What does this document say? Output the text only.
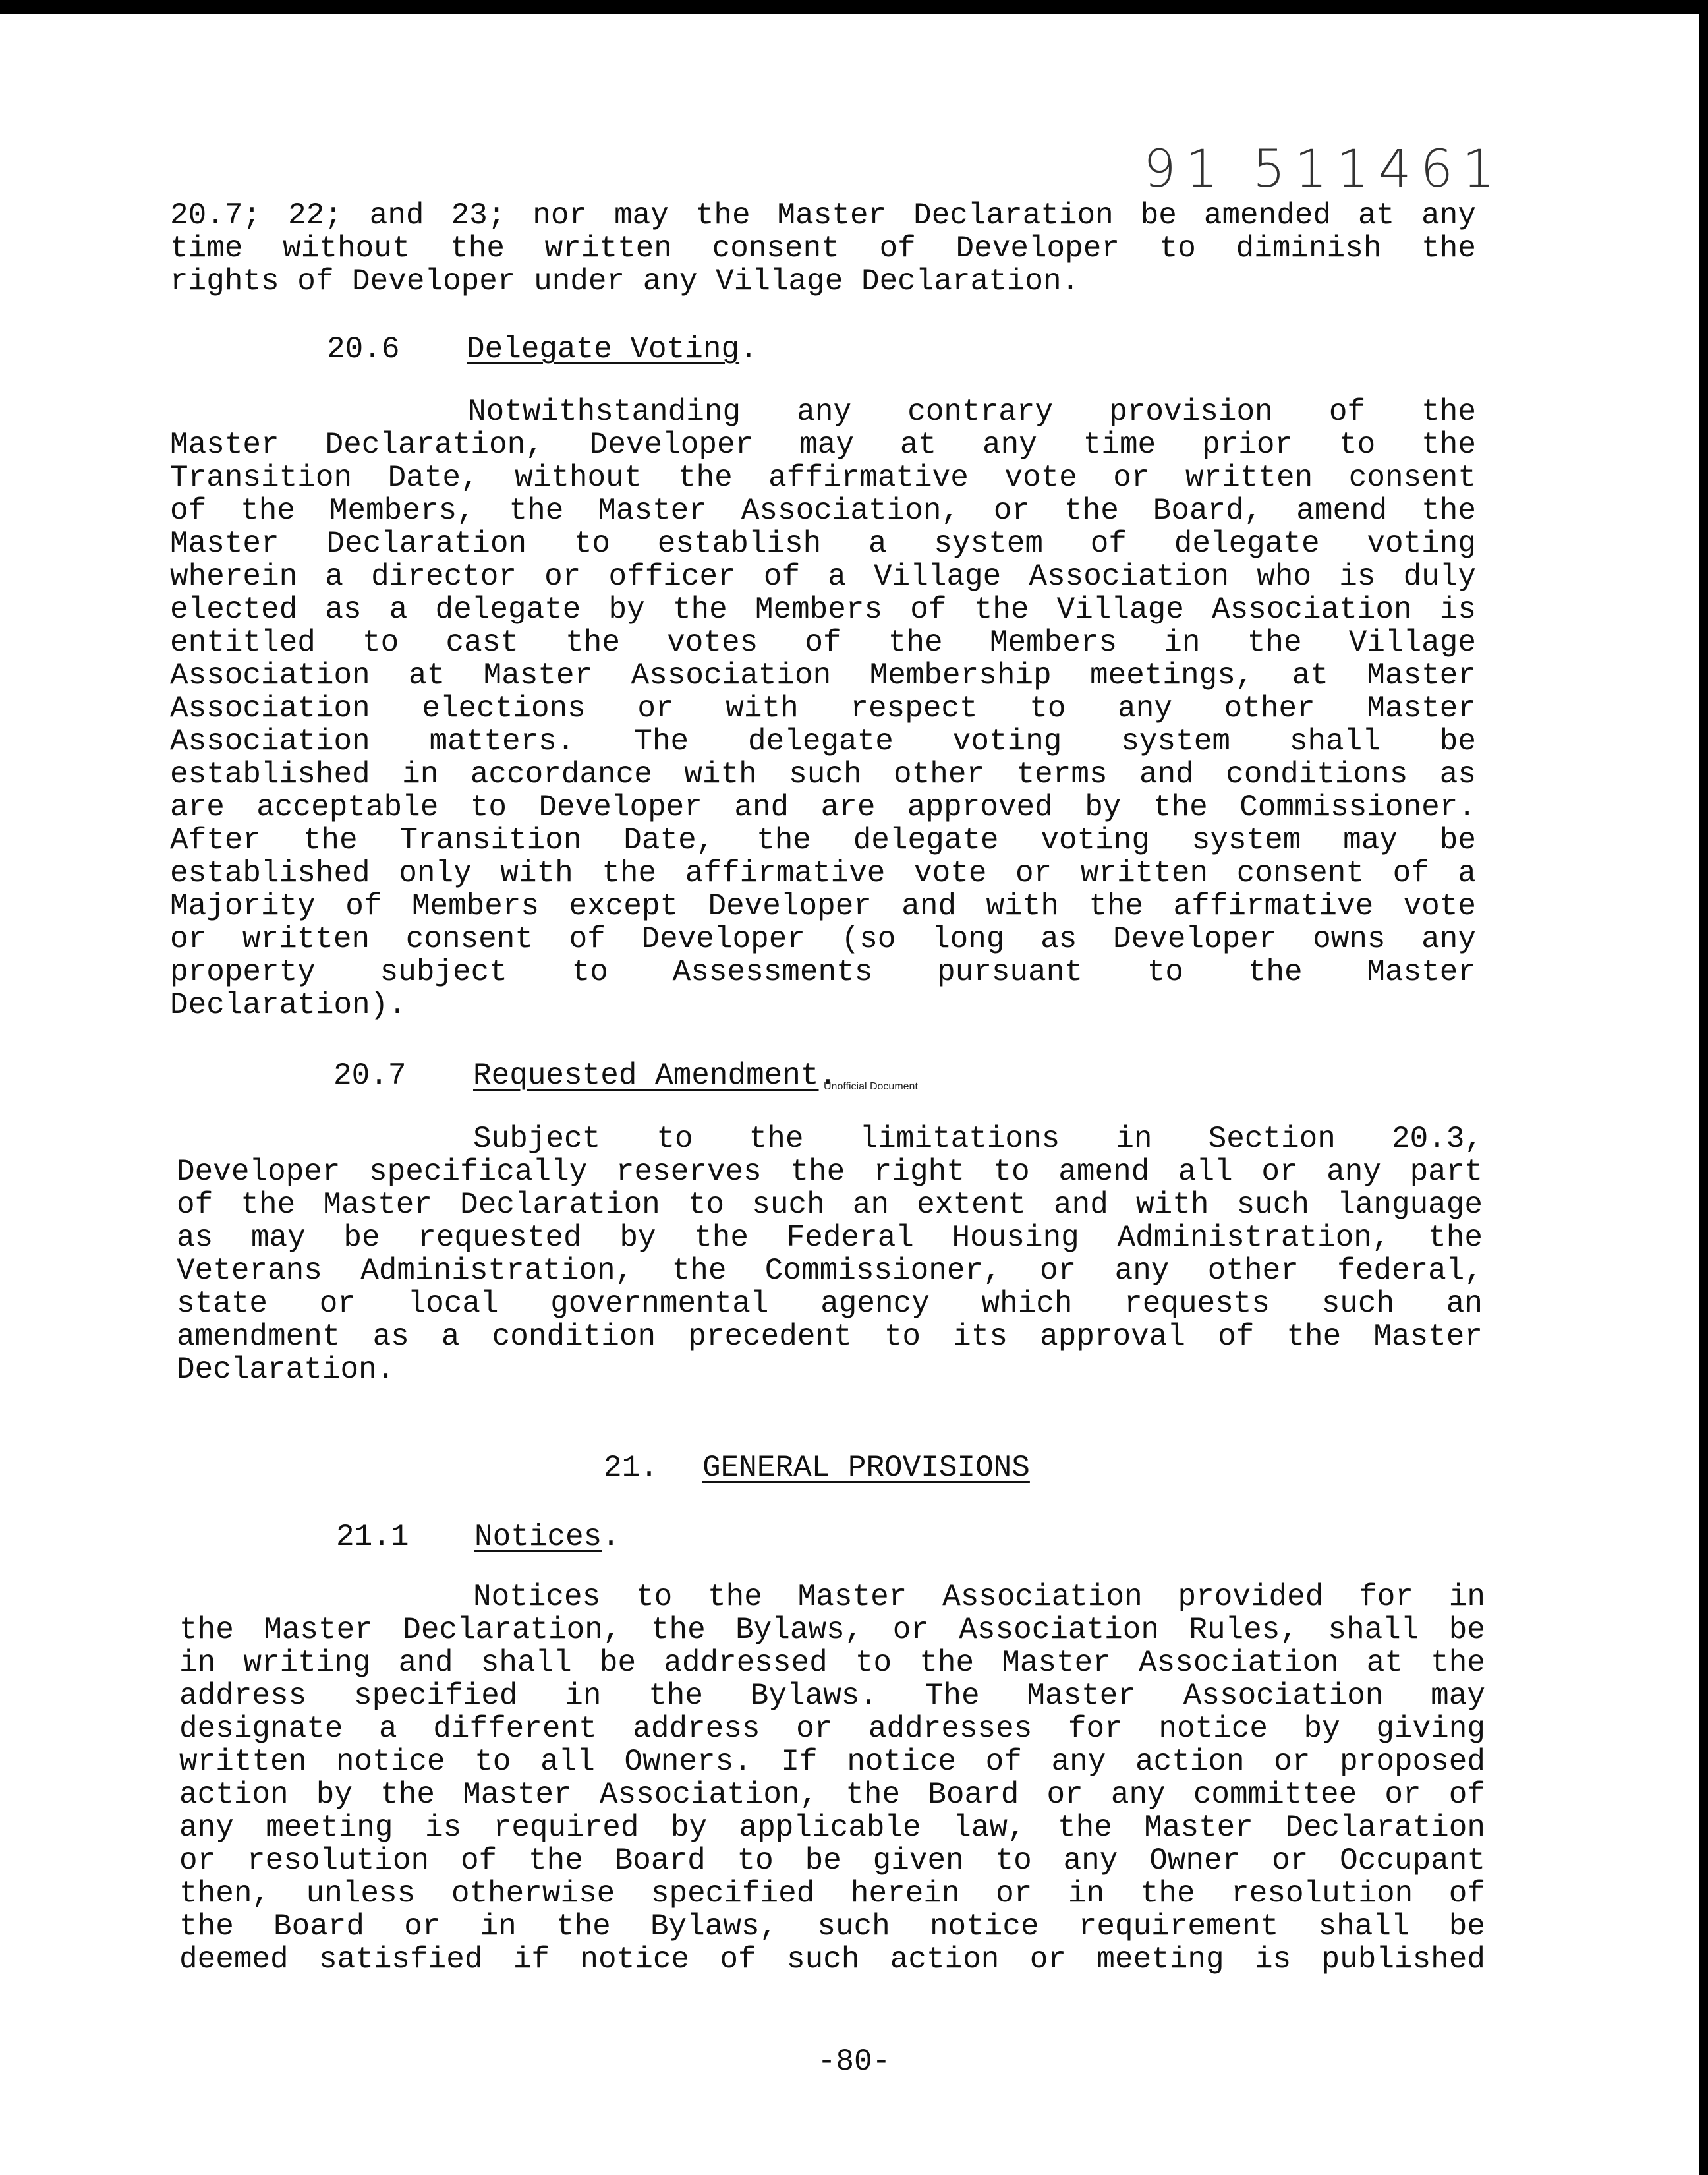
91 511461
20.7; 22; and 23; nor may the Master Declaration be amended at any
time without the written consent of Developer to diminish the
rights of Developer under any Village Declaration.
20.6 Delegate Voting.
Notwithstanding any contrary provision of the
Master Declaration, Developer may at any time prior to the
Transition Date, without the affirmative vote or written consent
of the Members, the Master Association, or the Board, amend the
Master Declaration to establish a system of delegate voting
wherein a director or officer of a Village Association who is duly
elected as a delegate by the Members of the Village Association is
entitled to cast the votes of the Members in the Village
Association at Master Association Membership meetings, at Master
Association elections or with respect to any other Master
Association matters. The delegate voting system shall be
established in accordance with such other terms and conditions as
are acceptable to Developer and are approved by the Commissioner.
After the Transition Date, the delegate voting system may be
established only with the affirmative vote or written consent of a
Majority of Members except Developer and with the affirmative vote
or written consent of Developer (so long as Developer owns any
property subject to Assessments pursuant to the Master
Declaration).
20.7 Requested Amendment.
Unofficial Document
Subject to the limitations in Section 20.3,
Developer specifically reserves the right to amend all or any part
of the Master Declaration to such an extent and with such language
as may be requested by the Federal Housing Administration, the
Veterans Administration, the Commissioner, or any other federal,
state or local governmental agency which requests such an
amendment as a condition precedent to its approval of the Master
Declaration.
21. GENERAL PROVISIONS
21.1 Notices.
Notices to the Master Association provided for in
the Master Declaration, the Bylaws, or Association Rules, shall be
in writing and shall be addressed to the Master Association at the
address specified in the Bylaws. The Master Association may
designate a different address or addresses for notice by giving
written notice to all Owners. If notice of any action or proposed
action by the Master Association, the Board or any committee or of
any meeting is required by applicable law, the Master Declaration
or resolution of the Board to be given to any Owner or Occupant
then, unless otherwise specified herein or in the resolution of
the Board or in the Bylaws, such notice requirement shall be
deemed satisfied if notice of such action or meeting is published
-80-
